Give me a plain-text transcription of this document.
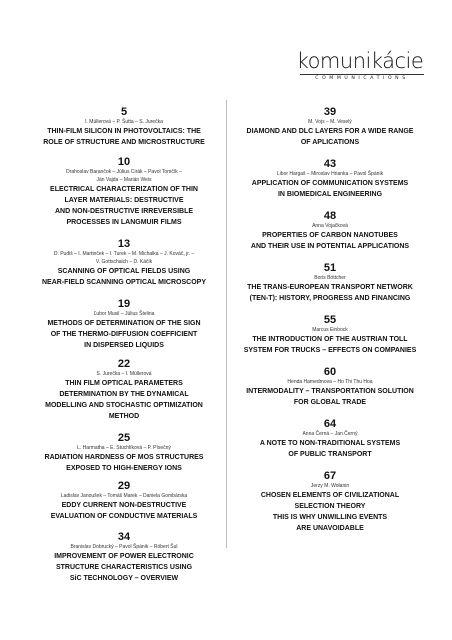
komunikácie
COMMUNICATIONS
5
I. Müllerová – P. Šutta – S. Jurečka
THIN-FILM SILICON IN PHOTOVOLTAICS: THE
ROLE OF STRUCTURE AND MICROSTRUCTURE
10
Drahoslav Barančok – Július Cirák – Pavol Tomčík –
Ján Vajda – Marián Weis
ELECTRICAL CHARACTERIZATION OF THIN
LAYER MATERIALS: DESTRUCTIVE
AND NON-DESTRUCTIVE IRREVERSIBLE
PROCESSES IN LANGMUIR FILMS
13
D. Pudiš – I. Martinček – I. Turek – M. Michalka – J. Kováč, jr. –
V. Gottschalch – D. Káčik
SCANNING OF OPTICAL FIELDS USING
NEAR-FIELD SCANNING OPTICAL MICROSCOPY
19
Ľubor Musil – Július Štelina
METHODS OF DETERMINATION OF THE SIGN
OF THE THERMO-DIFFUSION COEFFICIENT
IN DISPERSED LIQUIDS
22
S. Jurečka – I. Müllerová
THIN FILM OPTICAL PARAMETERS
DETERMINATION BY THE DYNAMICAL
MODELLING AND STOCHASTIC OPTIMIZATION
METHOD
25
L. Harmatha – E. Stuchlíková – P. Písečný
RADIATION HARDNESS OF MOS STRUCTURES
EXPOSED TO HIGH-ENERGY IONS
29
Ladislav Janoušek – Tomáš Marek – Daniela Gombárska
EDDY CURRENT NON-DESTRUCTIVE
EVALUATION OF CONDUCTIVE MATERIALS
34
Branislav Dobrucký – Pavol Špánik – Róbert Šul
IMPROVEMENT OF POWER ELECTRONIC
STRUCTURE CHARACTERISTICS USING
SiC TECHNOLOGY – OVERVIEW
39
M. Vojs – M. Veselý
DIAMOND AND DLC LAYERS FOR A WIDE RANGE
OF APLICATIONS
43
Libor Hargaš – Miroslav Hrianka – Pavol Špánik
APPLICATION OF COMMUNICATION SYSTEMS
IN BIOMEDICAL ENGINEERING
48
Anna Vojačková
PROPERTIES OF CARBON NANOTUBES
AND THEIR USE IN POTENTIAL APPLICATIONS
51
Boris Böttcher
THE TRANS-EUROPEAN TRANSPORT NETWORK
(TEN-T): HISTORY, PROGRESS AND FINANCING
55
Marcus Einbock
THE INTRODUCTION OF THE AUSTRIAN TOLL
SYSTEM FOR TRUCKS – EFFECTS ON COMPANIES
60
Henda Hamedmova – Ho Thi Thu Hoa
INTERMODALITY – TRANSPORTATION SOLUTION
FOR GLOBAL TRADE
64
Anna Černá – Jan Černý
A NOTE TO NON-TRADITIONAL SYSTEMS
OF PUBLIC TRANSPORT
67
Jerzy M. Wołanin
CHOSEN ELEMENTS OF CIVILIZATIONAL
SELECTION THEORY
THIS IS WHY UNWILLING EVENTS
ARE UNAVOIDABLE
